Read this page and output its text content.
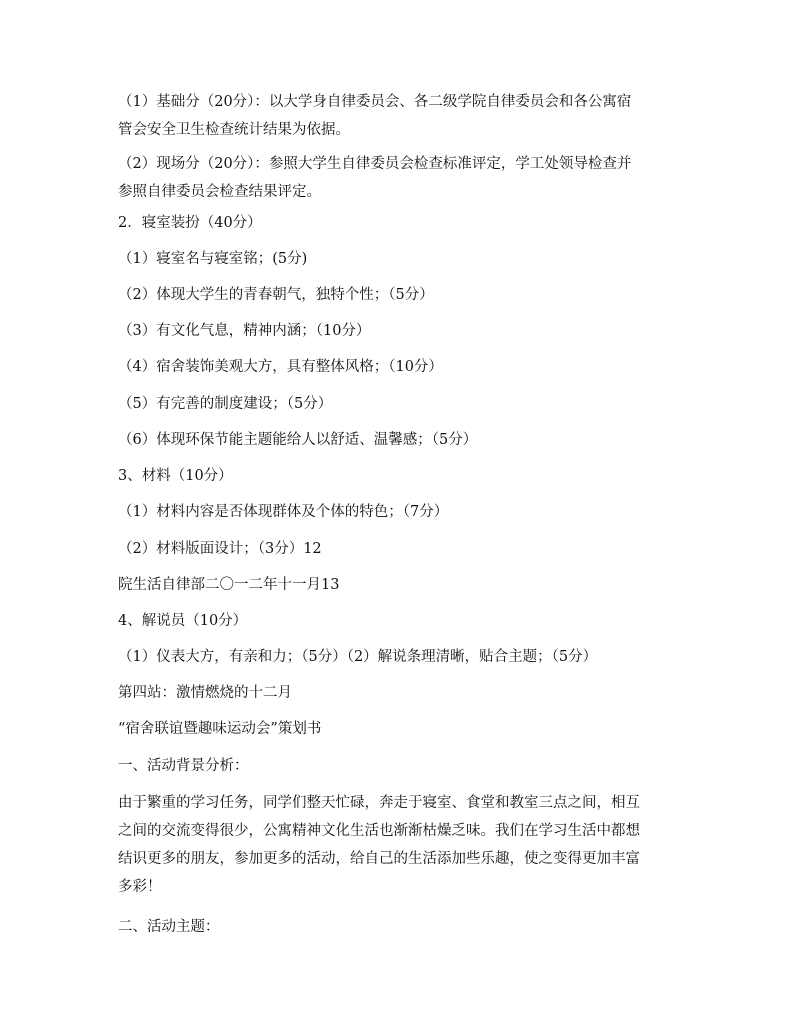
（1）基础分（20分）：以大学身自律委员会、各二级学院自律委员会和各公寓宿
管会安全卫生检查统计结果为依据。
（2）现场分（20分）：参照大学生自律委员会检查标准评定，学工处领导检查并
参照自律委员会检查结果评定。
2．寝室装扮（40分）
（1）寝室名与寝室铭；(5分)
（2）体现大学生的青春朝气，独特个性；（5分）
（3）有文化气息，精神内涵；（10分）
（4）宿舍装饰美观大方，具有整体风格；（10分）
（5）有完善的制度建设；（5分）
（6）体现环保节能主题能给人以舒适、温馨感；（5分）
3、材料（10分）
（1）材料内容是否体现群体及个体的特色；（7分）
（2）材料版面设计；（3分）12
院生活自律部二〇一二年十一月13
4、解说员（10分）
（1）仪表大方，有亲和力；（5分）（2）解说条理清晰，贴合主题；（5分）
第四站：激情燃烧的十二月
“宿舍联谊暨趣味运动会”策划书
一、活动背景分析：
由于繁重的学习任务，同学们整天忙碌，奔走于寝室、食堂和教室三点之间，相互
之间的交流变得很少，公寓精神文化生活也渐渐枯燥乏味。我们在学习生活中都想
结识更多的朋友，参加更多的活动，给自己的生活添加些乐趣，使之变得更加丰富
多彩！
二、活动主题：
